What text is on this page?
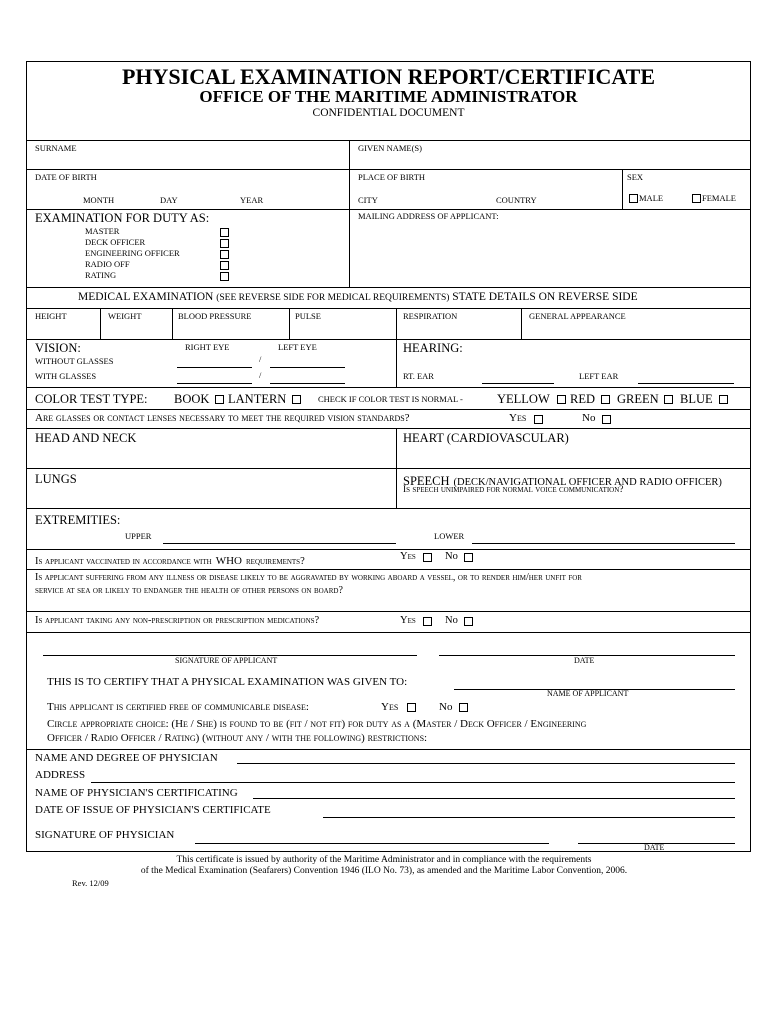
PHYSICAL EXAMINATION REPORT/CERTIFICATE
OFFICE OF THE MARITIME ADMINISTRATOR
CONFIDENTIAL DOCUMENT
SURNAME	GIVEN NAME(S)
DATE OF BIRTH
MONTH	DAY	YEAR
PLACE OF BIRTH
CITY	COUNTRY
SEX
MALE	FEMALE
EXAMINATION FOR DUTY AS:
MASTER
DECK OFFICER
ENGINEERING OFFICER
RADIO OFF
RATING
MAILING ADDRESS OF APPLICANT:
MEDICAL EXAMINATION (SEE REVERSE SIDE FOR MEDICAL REQUIREMENTS) STATE DETAILS ON REVERSE SIDE
HEIGHT	WEIGHT	BLOOD PRESSURE	PULSE	RESPIRATION	GENERAL APPEARANCE
VISION:	RIGHT EYE	LEFT EYE
WITHOUT GLASSES
WITH GLASSES
/
/
HEARING:
RT. EAR	LEFT EAR
COLOR TEST TYPE: BOOK LANTERN	CHECK IF COLOR TEST IS NORMAL -	YELLOW RED GREEN BLUE
Are glasses or contact lenses necessary to meet the required vision standards?	Yes	No
HEAD AND NECK	HEART (CARDIOVASCULAR)
LUNGS	SPEECH (DECK/NAVIGATIONAL OFFICER AND RADIO OFFICER)
Is speech unimpaired for normal voice communication?
EXTREMITIES:
UPPER	LOWER
Is applicant vaccinated in accordance with WHO requirements?	Yes	No
Is applicant suffering from any illness or disease likely to be aggravated by working aboard a vessel, or to render him/her unfit for
service at sea or likely to endanger the health of other persons on board?
Is applicant taking any non-prescription or prescription medications?	Yes	No
SIGNATURE OF APPLICANT	DATE
THIS IS TO CERTIFY THAT A PHYSICAL EXAMINATION WAS GIVEN TO:
NAME OF APPLICANT
This applicant is certified free of communicable disease:	Yes	No
Circle appropriate choice: (He / She) is found to be (fit / not fit) for duty as a (Master / Deck Officer / Engineering
Officer / Radio Officer / Rating) (without any / with the following) restrictions:
NAME AND DEGREE OF PHYSICIAN
ADDRESS
NAME OF PHYSICIAN'S CERTIFICATING
DATE OF ISSUE OF PHYSICIAN'S CERTIFICATE
SIGNATURE OF PHYSICIAN
DATE
This certificate is issued by authority of the Maritime Administrator and in compliance with the requirements
of the Medical Examination (Seafarers) Convention 1946 (ILO No. 73), as amended and the Maritime Labor Convention, 2006.
Rev. 12/09
